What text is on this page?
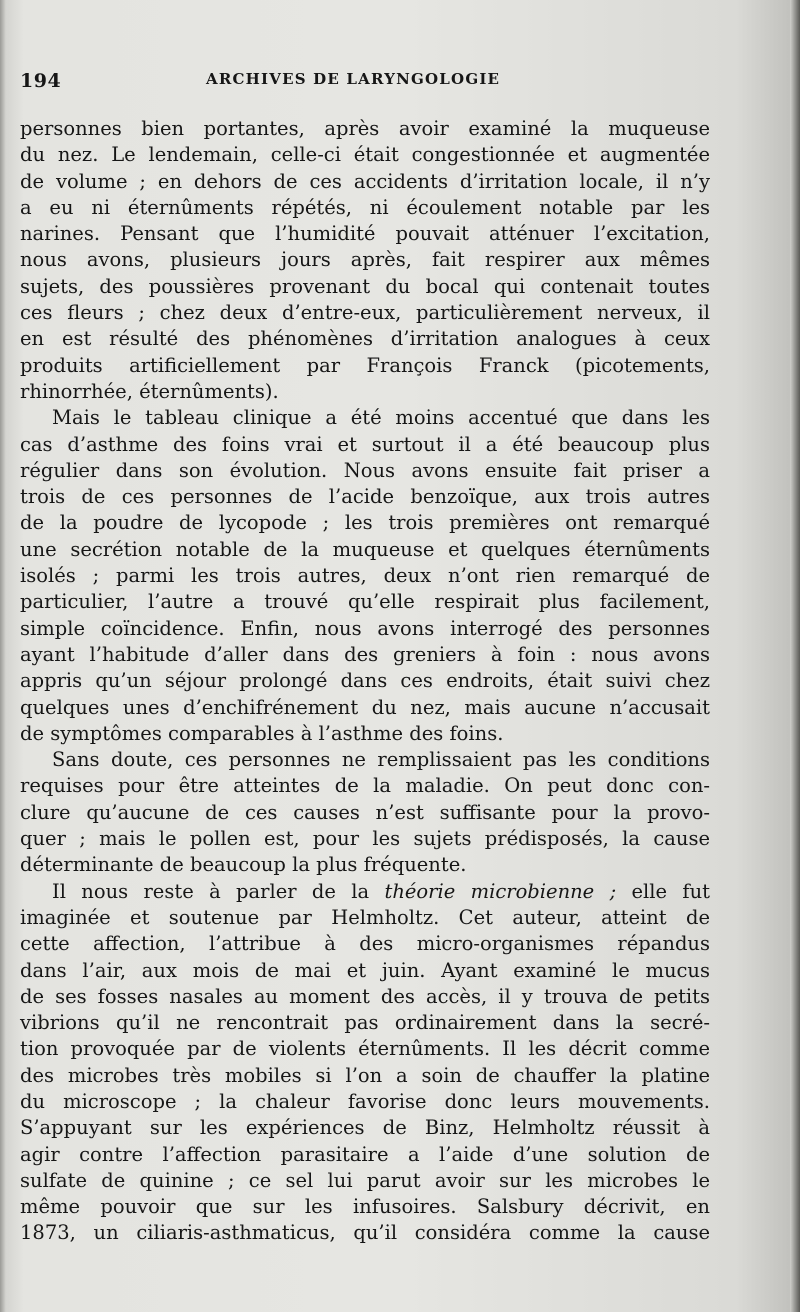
194	ARCHIVES DE LARYNGOLOGIE
personnes bien portantes, après avoir examiné la muqueuse
du nez. Le lendemain, celle-ci était congestionnée et augmentée
de volume ; en dehors de ces accidents d’irritation locale, il n’y
a eu ni éternûments répétés, ni écoulement notable par les
narines. Pensant que l’humidité pouvait atténuer l’excitation,
nous avons, plusieurs jours après, fait respirer aux mêmes
sujets, des poussières provenant du bocal qui contenait toutes
ces fleurs ; chez deux d’entre-eux, particulièrement nerveux, il
en est résulté des phénomènes d’irritation analogues à ceux
produits artificiellement par François Franck (picotements,
rhinorrhée, éternûments).
Mais le tableau clinique a été moins accentué que dans les
cas d’asthme des foins vrai et surtout il a été beaucoup plus
régulier dans son évolution. Nous avons ensuite fait priser a
trois de ces personnes de l’acide benzoïque, aux trois autres
de la poudre de lycopode ; les trois premières ont remarqué
une secrétion notable de la muqueuse et quelques éternûments
isolés ; parmi les trois autres, deux n’ont rien remarqué de
particulier, l’autre a trouvé qu’elle respirait plus facilement,
simple coïncidence. Enfin, nous avons interrogé des personnes
ayant l’habitude d’aller dans des greniers à foin : nous avons
appris qu’un séjour prolongé dans ces endroits, était suivi chez
quelques unes d’enchifrénement du nez, mais aucune n’accusait
de symptômes comparables à l’asthme des foins.
Sans doute, ces personnes ne remplissaient pas les conditions
requises pour être atteintes de la maladie. On peut donc con-
clure qu’aucune de ces causes n’est suffisante pour la provo-
quer ; mais le pollen est, pour les sujets prédisposés, la cause
déterminante de beaucoup la plus fréquente.
Il nous reste à parler de la théorie microbienne ; elle fut
imaginée et soutenue par Helmholtz. Cet auteur, atteint de
cette affection, l’attribue à des micro-organismes répandus
dans l’air, aux mois de mai et juin. Ayant examiné le mucus
de ses fosses nasales au moment des accès, il y trouva de petits
vibrions qu’il ne rencontrait pas ordinairement dans la secré-
tion provoquée par de violents éternûments. Il les décrit comme
des microbes très mobiles si l’on a soin de chauffer la platine
du microscope ; la chaleur favorise donc leurs mouvements.
S’appuyant sur les expériences de Binz, Helmholtz réussit à
agir contre l’affection parasitaire a l’aide d’une solution de
sulfate de quinine ; ce sel lui parut avoir sur les microbes le
même pouvoir que sur les infusoires. Salsbury décrivit, en
1873, un ciliaris-asthmaticus, qu’il considéra comme la cause
